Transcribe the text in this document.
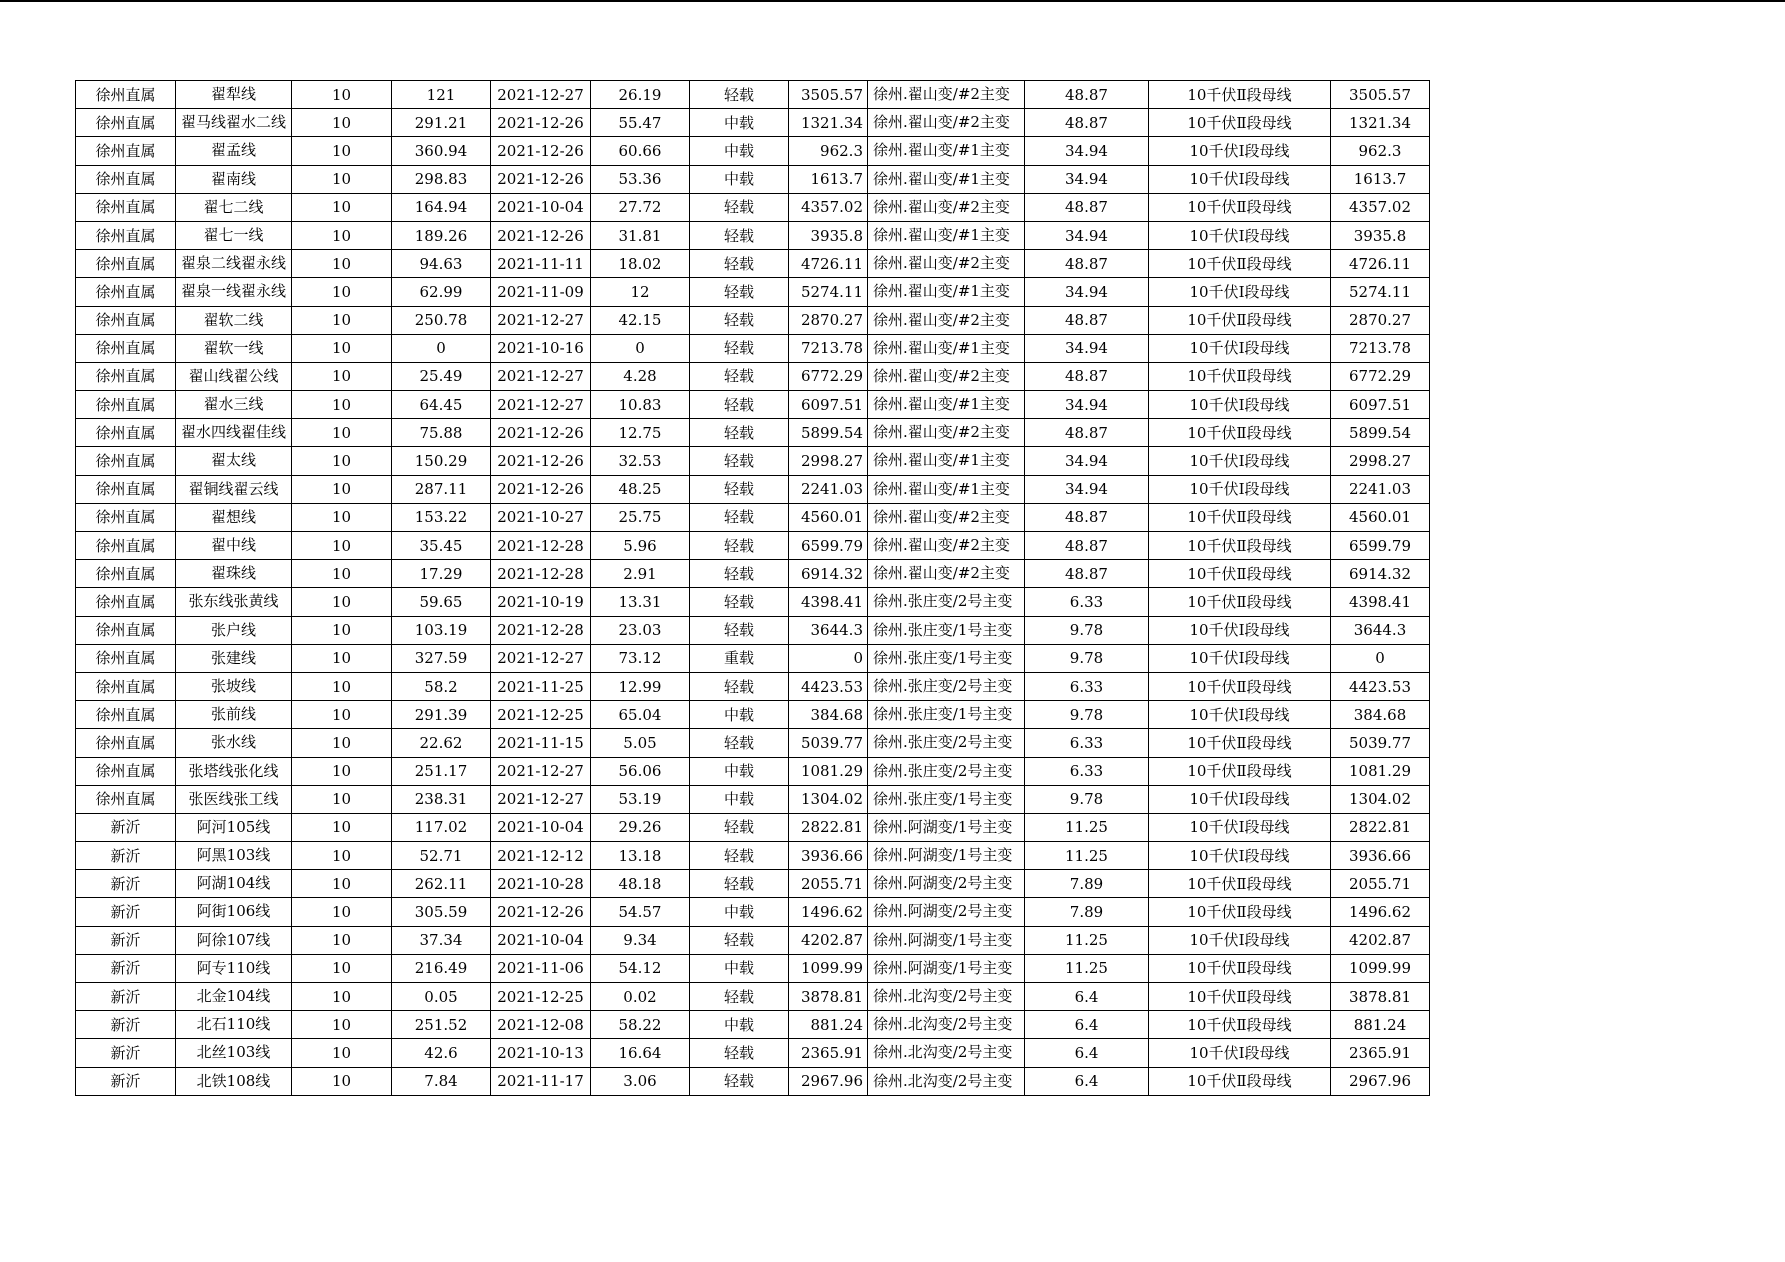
徐州直属	翟犁线	10	121	2021-12-27	26.19	轻载	3505.57	徐州.翟山变/#2主变	48.87	10千伏Ⅱ段母线	3505.57

徐州直属	翟马线翟水二线	10	291.21	2021-12-26	55.47	中载	1321.34	徐州.翟山变/#2主变	48.87	10千伏Ⅱ段母线	1321.34

徐州直属	翟孟线	10	360.94	2021-12-26	60.66	中载	962.3	徐州.翟山变/#1主变	34.94	10千伏Ⅰ段母线	962.3

徐州直属	翟南线	10	298.83	2021-12-26	53.36	中载	1613.7	徐州.翟山变/#1主变	34.94	10千伏Ⅰ段母线	1613.7

徐州直属	翟七二线	10	164.94	2021-10-04	27.72	轻载	4357.02	徐州.翟山变/#2主变	48.87	10千伏Ⅱ段母线	4357.02

徐州直属	翟七一线	10	189.26	2021-12-26	31.81	轻载	3935.8	徐州.翟山变/#1主变	34.94	10千伏Ⅰ段母线	3935.8

徐州直属	翟泉二线翟永线	10	94.63	2021-11-11	18.02	轻载	4726.11	徐州.翟山变/#2主变	48.87	10千伏Ⅱ段母线	4726.11

徐州直属	翟泉一线翟永线	10	62.99	2021-11-09	12	轻载	5274.11	徐州.翟山变/#1主变	34.94	10千伏Ⅰ段母线	5274.11

徐州直属	翟软二线	10	250.78	2021-12-27	42.15	轻载	2870.27	徐州.翟山变/#2主变	48.87	10千伏Ⅱ段母线	2870.27

徐州直属	翟软一线	10	0	2021-10-16	0	轻载	7213.78	徐州.翟山变/#1主变	34.94	10千伏Ⅰ段母线	7213.78

徐州直属	翟山线翟公线	10	25.49	2021-12-27	4.28	轻载	6772.29	徐州.翟山变/#2主变	48.87	10千伏Ⅱ段母线	6772.29

徐州直属	翟水三线	10	64.45	2021-12-27	10.83	轻载	6097.51	徐州.翟山变/#1主变	34.94	10千伏Ⅰ段母线	6097.51

徐州直属	翟水四线翟佳线	10	75.88	2021-12-26	12.75	轻载	5899.54	徐州.翟山变/#2主变	48.87	10千伏Ⅱ段母线	5899.54

徐州直属	翟太线	10	150.29	2021-12-26	32.53	轻载	2998.27	徐州.翟山变/#1主变	34.94	10千伏Ⅰ段母线	2998.27

徐州直属	翟铜线翟云线	10	287.11	2021-12-26	48.25	轻载	2241.03	徐州.翟山变/#1主变	34.94	10千伏Ⅰ段母线	2241.03

徐州直属	翟想线	10	153.22	2021-10-27	25.75	轻载	4560.01	徐州.翟山变/#2主变	48.87	10千伏Ⅱ段母线	4560.01

徐州直属	翟中线	10	35.45	2021-12-28	5.96	轻载	6599.79	徐州.翟山变/#2主变	48.87	10千伏Ⅱ段母线	6599.79

徐州直属	翟珠线	10	17.29	2021-12-28	2.91	轻载	6914.32	徐州.翟山变/#2主变	48.87	10千伏Ⅱ段母线	6914.32

徐州直属	张东线张黄线	10	59.65	2021-10-19	13.31	轻载	4398.41	徐州.张庄变/2号主变	6.33	10千伏Ⅱ段母线	4398.41

徐州直属	张户线	10	103.19	2021-12-28	23.03	轻载	3644.3	徐州.张庄变/1号主变	9.78	10千伏Ⅰ段母线	3644.3

徐州直属	张建线	10	327.59	2021-12-27	73.12	重载	0	徐州.张庄变/1号主变	9.78	10千伏Ⅰ段母线	0

徐州直属	张坡线	10	58.2	2021-11-25	12.99	轻载	4423.53	徐州.张庄变/2号主变	6.33	10千伏Ⅱ段母线	4423.53

徐州直属	张前线	10	291.39	2021-12-25	65.04	中载	384.68	徐州.张庄变/1号主变	9.78	10千伏Ⅰ段母线	384.68

徐州直属	张水线	10	22.62	2021-11-15	5.05	轻载	5039.77	徐州.张庄变/2号主变	6.33	10千伏Ⅱ段母线	5039.77

徐州直属	张塔线张化线	10	251.17	2021-12-27	56.06	中载	1081.29	徐州.张庄变/2号主变	6.33	10千伏Ⅱ段母线	1081.29

徐州直属	张医线张工线	10	238.31	2021-12-27	53.19	中载	1304.02	徐州.张庄变/1号主变	9.78	10千伏Ⅰ段母线	1304.02

新沂	阿河105线	10	117.02	2021-10-04	29.26	轻载	2822.81	徐州.阿湖变/1号主变	11.25	10千伏Ⅰ段母线	2822.81

新沂	阿黑103线	10	52.71	2021-12-12	13.18	轻载	3936.66	徐州.阿湖变/1号主变	11.25	10千伏Ⅰ段母线	3936.66

新沂	阿湖104线	10	262.11	2021-10-28	48.18	轻载	2055.71	徐州.阿湖变/2号主变	7.89	10千伏Ⅱ段母线	2055.71

新沂	阿街106线	10	305.59	2021-12-26	54.57	中载	1496.62	徐州.阿湖变/2号主变	7.89	10千伏Ⅱ段母线	1496.62

新沂	阿徐107线	10	37.34	2021-10-04	9.34	轻载	4202.87	徐州.阿湖变/1号主变	11.25	10千伏Ⅰ段母线	4202.87

新沂	阿专110线	10	216.49	2021-11-06	54.12	中载	1099.99	徐州.阿湖变/1号主变	11.25	10千伏Ⅱ段母线	1099.99

新沂	北金104线	10	0.05	2021-12-25	0.02	轻载	3878.81	徐州.北沟变/2号主变	6.4	10千伏Ⅱ段母线	3878.81

新沂	北石110线	10	251.52	2021-12-08	58.22	中载	881.24	徐州.北沟变/2号主变	6.4	10千伏Ⅱ段母线	881.24

新沂	北丝103线	10	42.6	2021-10-13	16.64	轻载	2365.91	徐州.北沟变/2号主变	6.4	10千伏Ⅰ段母线	2365.91

新沂	北铁108线	10	7.84	2021-11-17	3.06	轻载	2967.96	徐州.北沟变/2号主变	6.4	10千伏Ⅱ段母线	2967.96
